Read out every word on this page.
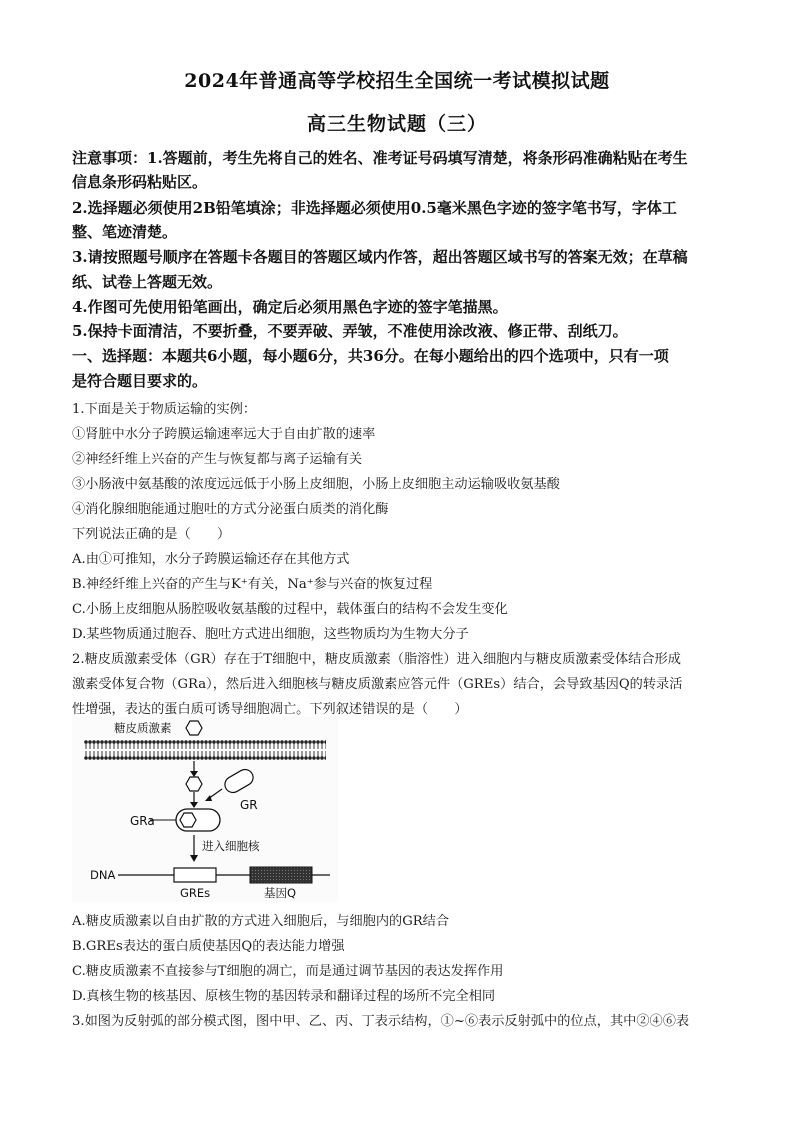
2024年普通高等学校招生全国统一考试模拟试题
高三生物试题（三）
注意事项：1.答题前，考生先将自己的姓名、准考证号码填写清楚，将条形码准确粘贴在考生
信息条形码粘贴区。
2.选择题必须使用2B铅笔填涂；非选择题必须使用0.5毫米黑色字迹的签字笔书写，字体工
整、笔迹清楚。
3.请按照题号顺序在答题卡各题目的答题区域内作答，超出答题区域书写的答案无效；在草稿
纸、试卷上答题无效。
4.作图可先使用铅笔画出，确定后必须用黑色字迹的签字笔描黑。
5.保持卡面清洁，不要折叠，不要弄破、弄皱，不准使用涂改液、修正带、刮纸刀。
一、选择题：本题共6小题，每小题6分，共36分。在每小题给出的四个选项中，只有一项
是符合题目要求的。
1.下面是关于物质运输的实例：
①肾脏中水分子跨膜运输速率远大于自由扩散的速率
②神经纤维上兴奋的产生与恢复都与离子运输有关
③小肠液中氨基酸的浓度远远低于小肠上皮细胞，小肠上皮细胞主动运输吸收氨基酸
④消化腺细胞能通过胞吐的方式分泌蛋白质类的消化酶
下列说法正确的是（　　）
A.由①可推知，水分子跨膜运输还存在其他方式
B.神经纤维上兴奋的产生与K⁺有关，Na⁺参与兴奋的恢复过程
C.小肠上皮细胞从肠腔吸收氨基酸的过程中，载体蛋白的结构不会发生变化
D.某些物质通过胞吞、胞吐方式进出细胞，这些物质均为生物大分子
2.糖皮质激素受体（GR）存在于T细胞中，糖皮质激素（脂溶性）进入细胞内与糖皮质激素受体结合形成
激素受体复合物（GRa），然后进入细胞核与糖皮质激素应答元件（GREs）结合，会导致基因Q的转录活
性增强，表达的蛋白质可诱导细胞凋亡。下列叙述错误的是（　　）
糖皮质激素
GR
GRa
进入细胞核
DNA
GREs	基因Q
A.糖皮质激素以自由扩散的方式进入细胞后，与细胞内的GR结合
B.GREs表达的蛋白质使基因Q的表达能力增强
C.糖皮质激素不直接参与T细胞的凋亡，而是通过调节基因的表达发挥作用
D.真核生物的核基因、原核生物的基因转录和翻译过程的场所不完全相同
3.如图为反射弧的部分模式图，图中甲、乙、丙、丁表示结构，①~⑥表示反射弧中的位点，其中②④⑥表
